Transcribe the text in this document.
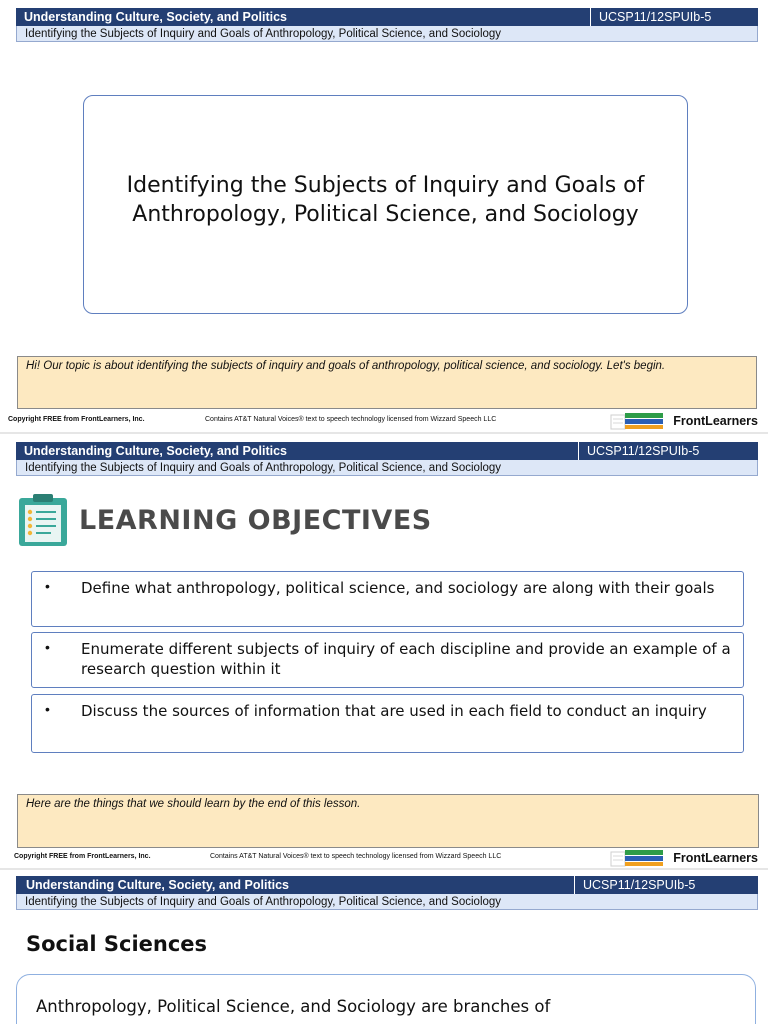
Understanding Culture, Society, and Politics	UCSP11/12SPUIb-5
Identifying the Subjects of Inquiry and Goals of Anthropology, Political Science, and Sociology
Identifying the Subjects of Inquiry and Goals of Anthropology, Political Science, and Sociology
Hi! Our topic is about identifying the subjects of inquiry and goals of anthropology, political science, and sociology. Let's begin.
Copyright FREE from FrontLearners, Inc.	Contains AT&T Natural Voices® text to speech technology licensed from Wizzard Speech LLC	FrontLearners
Understanding Culture, Society, and Politics	UCSP11/12SPUIb-5
Identifying the Subjects of Inquiry and Goals of Anthropology, Political Science, and Sociology
LEARNING OBJECTIVES
• Define what anthropology, political science, and sociology are along with their goals
• Enumerate different subjects of inquiry of each discipline and provide an example of a research question within it
• Discuss the sources of information that are used in each field to conduct an inquiry
Here are the things that we should learn by the end of this lesson.
Copyright FREE from FrontLearners, Inc.	Contains AT&T Natural Voices® text to speech technology licensed from Wizzard Speech LLC	FrontLearners
Understanding Culture, Society, and Politics	UCSP11/12SPUIb-5
Identifying the Subjects of Inquiry and Goals of Anthropology, Political Science, and Sociology
Social Sciences
Anthropology, Political Science, and Sociology are branches of
